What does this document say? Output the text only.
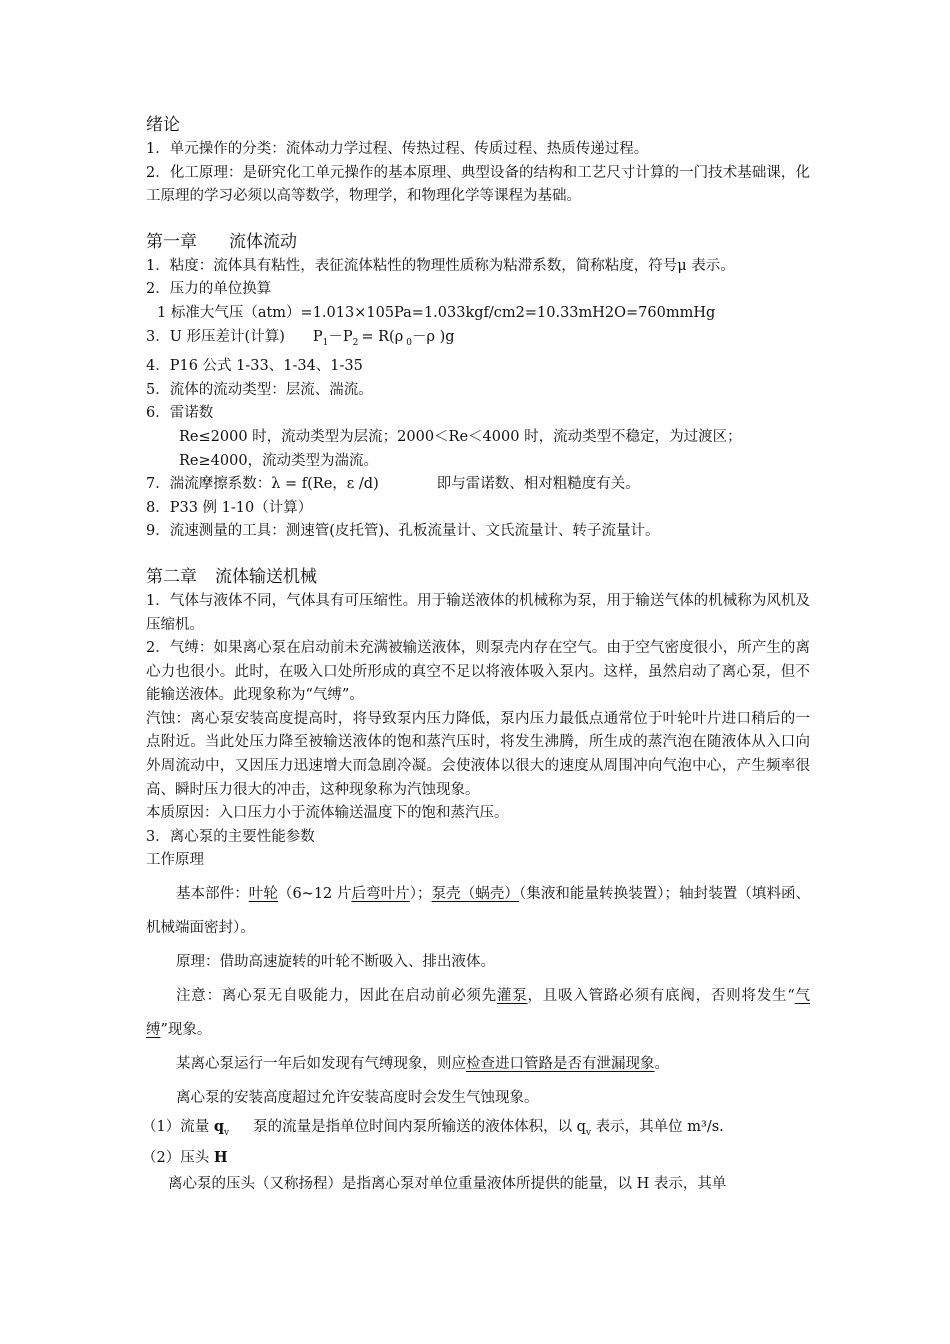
绪论
1．单元操作的分类：流体动力学过程、传热过程、传质过程、热质传递过程。
2．化工原理：是研究化工单元操作的基本原理、典型设备的结构和工艺尺寸计算的一门技术基础课，化工原理的学习必须以高等数学，物理学，和物理化学等课程为基础。
第一章 流体流动
1．粘度：流体具有粘性，表征流体粘性的物理性质称为粘滞系数，简称粘度，符号μ 表示。
2．压力的单位换算
1 标准大气压（atm）=1.013×105Pa=1.033kgf/cm2=10.33mH2O=760mmHg
3．U 形压差计(计算) $P_1-P_2 = R(\rho$ $_0$－ρ )g
4．P16 公式 1-33、1-34、1-35
5．流体的流动类型：层流、湍流。
6．雷诺数
Re≤2000 时，流动类型为层流；2000＜Re＜4000 时，流动类型不稳定，为过渡区；
Re≥4000，流动类型为湍流。
7．湍流摩擦系数：λ = f(Re，ε /d)	即与雷诺数、相对粗糙度有关。
8．P33 例 1-10（计算）
9．流速测量的工具：测速管(皮托管)、孔板流量计、文氏流量计、转子流量计。
第二章 流体输送机械
1．气体与液体不同，气体具有可压缩性。用于输送液体的机械称为泵，用于输送气体的机械称为风机及压缩机。
2．气缚：如果离心泵在启动前未充满被输送液体，则泵壳内存在空气。由于空气密度很小，所产生的离心力也很小。此时，在吸入口处所形成的真空不足以将液体吸入泵内。这样，虽然启动了离心泵，但不能输送液体。此现象称为“气缚”。
汽蚀：离心泵安装高度提高时，将导致泵内压力降低，泵内压力最低点通常位于叶轮叶片进口稍后的一点附近。当此处压力降至被输送液体的饱和蒸汽压时，将发生沸腾，所生成的蒸汽泡在随液体从入口向外周流动中，又因压力迅速增大而急剧冷凝。会使液体以很大的速度从周围冲向气泡中心，产生频率很高、瞬时压力很大的冲击，这种现象称为汽蚀现象。
本质原因：入口压力小于流体输送温度下的饱和蒸汽压。
3．离心泵的主要性能参数
工作原理
基本部件：叶轮（6~12 片后弯叶片）；泵壳（蜗壳）（集液和能量转换装置）；轴封装置（填料函、机械端面密封）。
原理：借助高速旋转的叶轮不断吸入、排出液体。
注意：离心泵无自吸能力，因此在启动前必须先灌泵，且吸入管路必须有底阀，否则将发生“气缚”现象。
某离心泵运行一年后如发现有气缚现象，则应检查进口管路是否有泄漏现象。
离心泵的安装高度超过允许安装高度时会发生气蚀现象。
（1）流量 $q_v$ 泵的流量是指单位时间内泵所输送的液体体积，以 $q_v$ 表示，其单位 m³/s.
（2）压头 H
离心泵的压头（又称扬程）是指离心泵对单位重量液体所提供的能量，以 H 表示，其单
